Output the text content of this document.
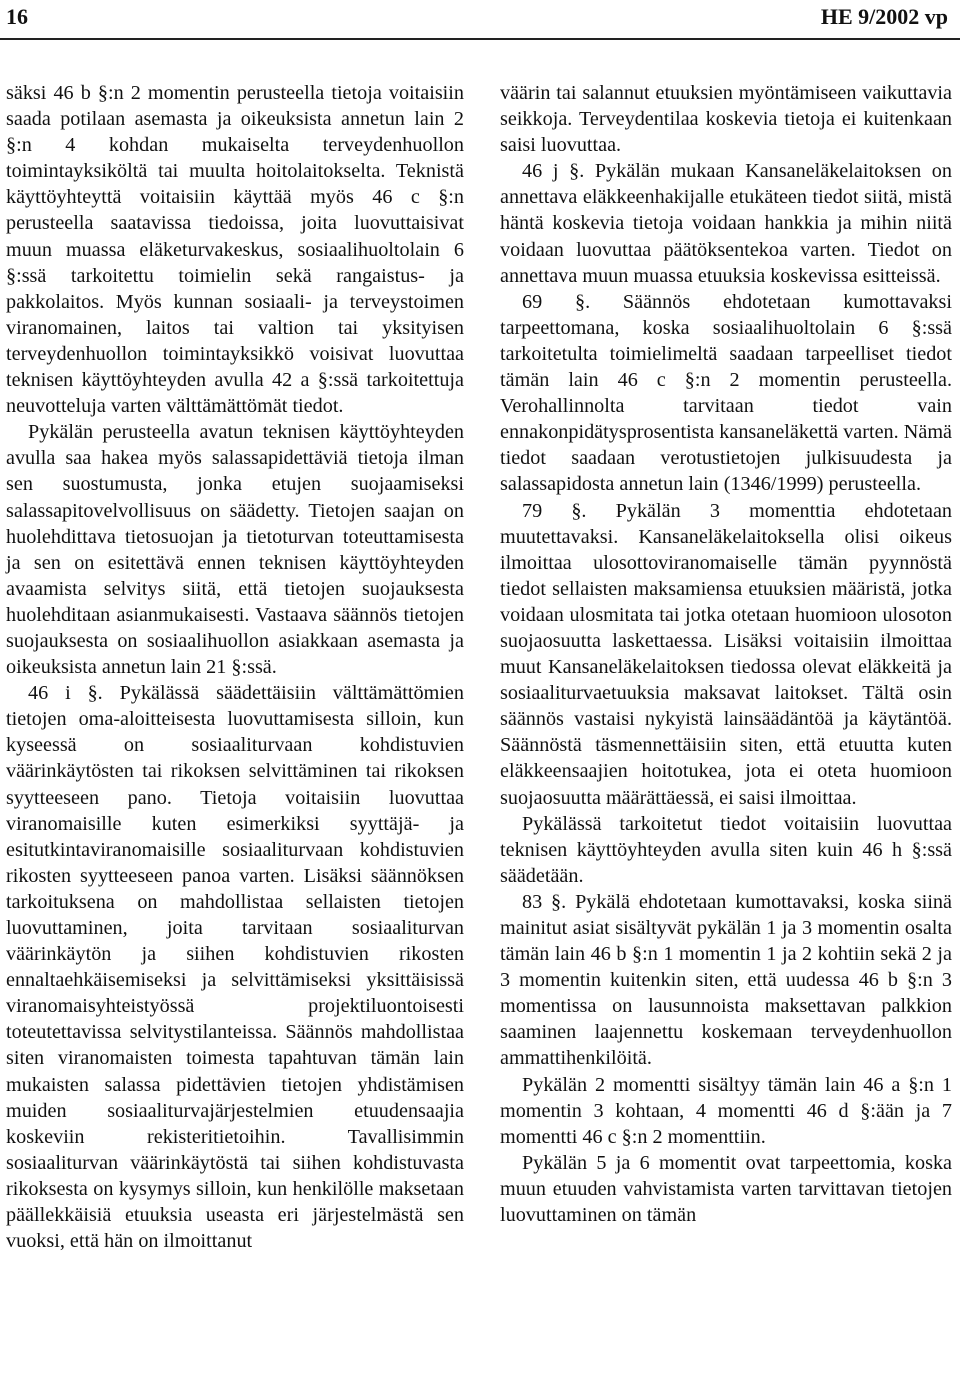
16	HE 9/2002 vp

säksi 46 b §:n 2 momentin perusteella tietoja voitaisiin saada potilaan asemasta ja oikeuksista annetun lain 2 §:n 4 kohdan mukaiselta terveydenhuollon toimintayksiköltä tai muulta hoitolaitokselta. Teknistä käyttöyhteyttä voitaisiin käyttää myös 46 c §:n perusteella saatavissa tiedoissa, joita luovuttaisivat muun muassa eläketurvakeskus, sosiaalihuoltolain 6 §:ssä tarkoitettu toimielin sekä rangaistus- ja pakkolaitos. Myös kunnan sosiaali- ja terveystoimen viranomainen, laitos tai valtion tai yksityisen terveydenhuollon toimintayksikkö voisivat luovuttaa teknisen käyttöyhteyden avulla 42 a §:ssä tarkoitettuja neuvotteluja varten välttämättömät tiedot.

Pykälän perusteella avatun teknisen käyttöyhteyden avulla saa hakea myös salassapidettäviä tietoja ilman sen suostumusta, jonka etujen suojaamiseksi salassapitovelvollisuus on säädetty. Tietojen saajan on huolehdittava tietosuojan ja tietoturvan toteuttamisesta ja sen on esitettävä ennen teknisen käyttöyhteyden avaamista selvitys siitä, että tietojen suojauksesta huolehditaan asianmukaisesti. Vastaava säännös tietojen suojauksesta on sosiaalihuollon asiakkaan asemasta ja oikeuksista annetun lain 21 §:ssä.

46 i §. Pykälässä säädettäisiin välttämättömien tietojen oma-aloitteisesta luovuttamisesta silloin, kun kyseessä on sosiaaliturvaan kohdistuvien väärinkäytösten tai rikoksen selvittäminen tai rikoksen syytteeseen pano. Tietoja voitaisiin luovuttaa viranomaisille kuten esimerkiksi syyttäjä- ja esitutkintaviranomaisille sosiaaliturvaan kohdistuvien rikosten syytteeseen panoa varten. Lisäksi säännöksen tarkoituksena on mahdollistaa sellaisten tietojen luovuttaminen, joita tarvitaan sosiaaliturvan väärinkäytön ja siihen kohdistuvien rikosten ennaltaehkäisemiseksi ja selvittämiseksi yksittäisissä viranomaisyhteistyössä projektiluontoisesti toteutettavissa selvitystilanteissa. Säännös mahdollistaa siten viranomaisten toimesta tapahtuvan tämän lain mukaisten salassa pidettävien tietojen yhdistämisen muiden sosiaaliturvajärjestelmien etuudensaajia koskeviin rekisteritietoihin. Tavallisimmin sosiaaliturvan väärinkäytöstä tai siihen kohdistuvasta rikoksesta on kysymys silloin, kun henkilölle maksetaan päällekkäisiä etuuksia useasta eri järjestelmästä sen vuoksi, että hän on ilmoittanut

väärin tai salannut etuuksien myöntämiseen vaikuttavia seikkoja. Terveydentilaa koskevia tietoja ei kuitenkaan saisi luovuttaa.

46 j §. Pykälän mukaan Kansaneläkelaitoksen on annettava eläkkeenhakijalle etukäteen tiedot siitä, mistä häntä koskevia tietoja voidaan hankkia ja mihin niitä voidaan luovuttaa päätöksentekoa varten. Tiedot on annettava muun muassa etuuksia koskevissa esitteissä.

69 §. Säännös ehdotetaan kumottavaksi tarpeettomana, koska sosiaalihuoltolain 6 §:ssä tarkoitetulta toimielimeltä saadaan tarpeelliset tiedot tämän lain 46 c §:n 2 momentin perusteella. Verohallinnolta tarvitaan tiedot vain ennakonpidätysprosentista kansaneläkettä varten. Nämä tiedot saadaan verotustietojen julkisuudesta ja salassapidosta annetun lain (1346/1999) perusteella.

79 §. Pykälän 3 momenttia ehdotetaan muutettavaksi. Kansaneläkelaitoksella olisi oikeus ilmoittaa ulosottoviranomaiselle tämän pyynnöstä tiedot sellaisten maksamiensa etuuksien määristä, jotka voidaan ulosmitata tai jotka otetaan huomioon ulosoton suojaosuutta laskettaessa. Lisäksi voitaisiin ilmoittaa muut Kansaneläkelaitoksen tiedossa olevat eläkkeitä ja sosiaaliturvaetuuksia maksavat laitokset. Tältä osin säännös vastaisi nykyistä lainsäädäntöä ja käytäntöä. Säännöstä täsmennettäisiin siten, että etuutta kuten eläkkeensaajien hoitotukea, jota ei oteta huomioon suojaosuutta määrättäessä, ei saisi ilmoittaa.

Pykälässä tarkoitetut tiedot voitaisiin luovuttaa teknisen käyttöyhteyden avulla siten kuin 46 h §:ssä säädetään.

83 §. Pykälä ehdotetaan kumottavaksi, koska siinä mainitut asiat sisältyvät pykälän 1 ja 3 momentin osalta tämän lain 46 b §:n 1 momentin 1 ja 2 kohtiin sekä 2 ja 3 momentin kuitenkin siten, että uudessa 46 b §:n 3 momentissa on lausunnoista maksettavan palkkion saaminen laajennettu koskemaan terveydenhuollon ammattihenkilöitä.

Pykälän 2 momentti sisältyy tämän lain 46 a §:n 1 momentin 3 kohtaan, 4 momentti 46 d §:ään ja 7 momentti 46 c §:n 2 momenttiin.

Pykälän 5 ja 6 momentit ovat tarpeettomia, koska muun etuuden vahvistamista varten tarvittavan tietojen luovuttaminen on tämän
